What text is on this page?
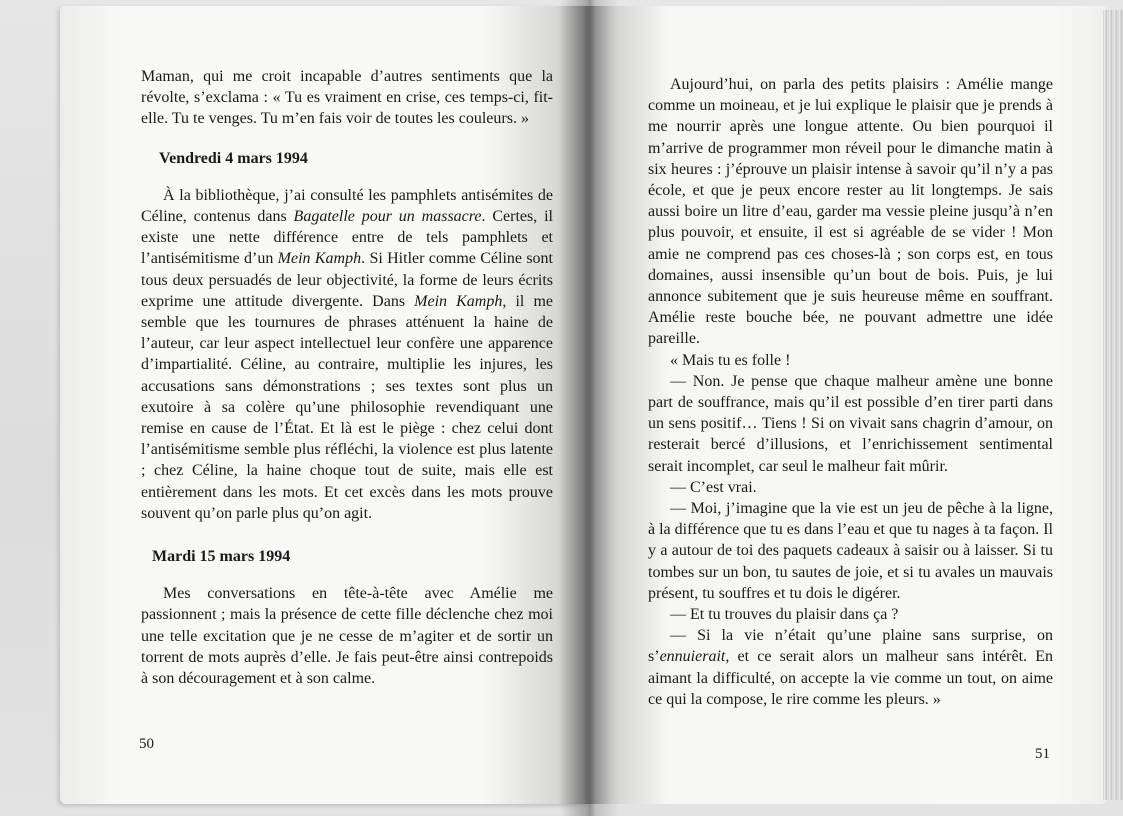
Maman, qui me croit incapable d’autres sentiments que la révolte, s’exclama : « Tu es vraiment en crise, ces temps-ci, fit-elle. Tu te venges. Tu m’en fais voir de toutes les couleurs. »

Vendredi 4 mars 1994

À la bibliothèque, j’ai consulté les pamphlets antisémites de Céline, contenus dans Bagatelle pour un massacre. Certes, il existe une nette différence entre de tels pamphlets et l’antisémitisme d’un Mein Kamph. Si Hitler comme Céline sont tous deux persuadés de leur objectivité, la forme de leurs écrits exprime une attitude divergente. Dans Mein Kamph, il me semble que les tournures de phrases atténuent la haine de l’auteur, car leur aspect intellectuel leur confère une apparence d’impartialité. Céline, au contraire, multiplie les injures, les accusations sans démonstrations ; ses textes sont plus un exutoire à sa colère qu’une philosophie revendiquant une remise en cause de l’État. Et là est le piège : chez celui dont l’antisémitisme semble plus réfléchi, la violence est plus latente ; chez Céline, la haine choque tout de suite, mais elle est entièrement dans les mots. Et cet excès dans les mots prouve souvent qu’on parle plus qu’on agit.

Mardi 15 mars 1994

Mes conversations en tête-à-tête avec Amélie me passionnent ; mais la présence de cette fille déclenche chez moi une telle excitation que je ne cesse de m’agiter et de sortir un torrent de mots auprès d’elle. Je fais peut-être ainsi contrepoids à son découragement et à son calme.

50

Aujourd’hui, on parla des petits plaisirs : Amélie mange comme un moineau, et je lui explique le plaisir que je prends à me nourrir après une longue attente. Ou bien pourquoi il m’arrive de programmer mon réveil pour le dimanche matin à six heures : j’éprouve un plaisir intense à savoir qu’il n’y a pas école, et que je peux encore rester au lit longtemps. Je sais aussi boire un litre d’eau, garder ma vessie pleine jusqu’à n’en plus pouvoir, et ensuite, il est si agréable de se vider ! Mon amie ne comprend pas ces choses-là ; son corps est, en tous domaines, aussi insensible qu’un bout de bois. Puis, je lui annonce subitement que je suis heureuse même en souffrant. Amélie reste bouche bée, ne pouvant admettre une idée pareille.

« Mais tu es folle !

— Non. Je pense que chaque malheur amène une bonne part de souffrance, mais qu’il est possible d’en tirer parti dans un sens positif… Tiens ! Si on vivait sans chagrin d’amour, on resterait bercé d’illusions, et l’enrichissement sentimental serait incomplet, car seul le malheur fait mûrir.

— C’est vrai.

— Moi, j’imagine que la vie est un jeu de pêche à la ligne, à la différence que tu es dans l’eau et que tu nages à ta façon. Il y a autour de toi des paquets cadeaux à saisir ou à laisser. Si tu tombes sur un bon, tu sautes de joie, et si tu avales un mauvais présent, tu souffres et tu dois le digérer.

— Et tu trouves du plaisir dans ça ?

— Si la vie n’était qu’une plaine sans surprise, on s’ennuierait, et ce serait alors un malheur sans intérêt. En aimant la difficulté, on accepte la vie comme un tout, on aime ce qui la compose, le rire comme les pleurs. »

51
